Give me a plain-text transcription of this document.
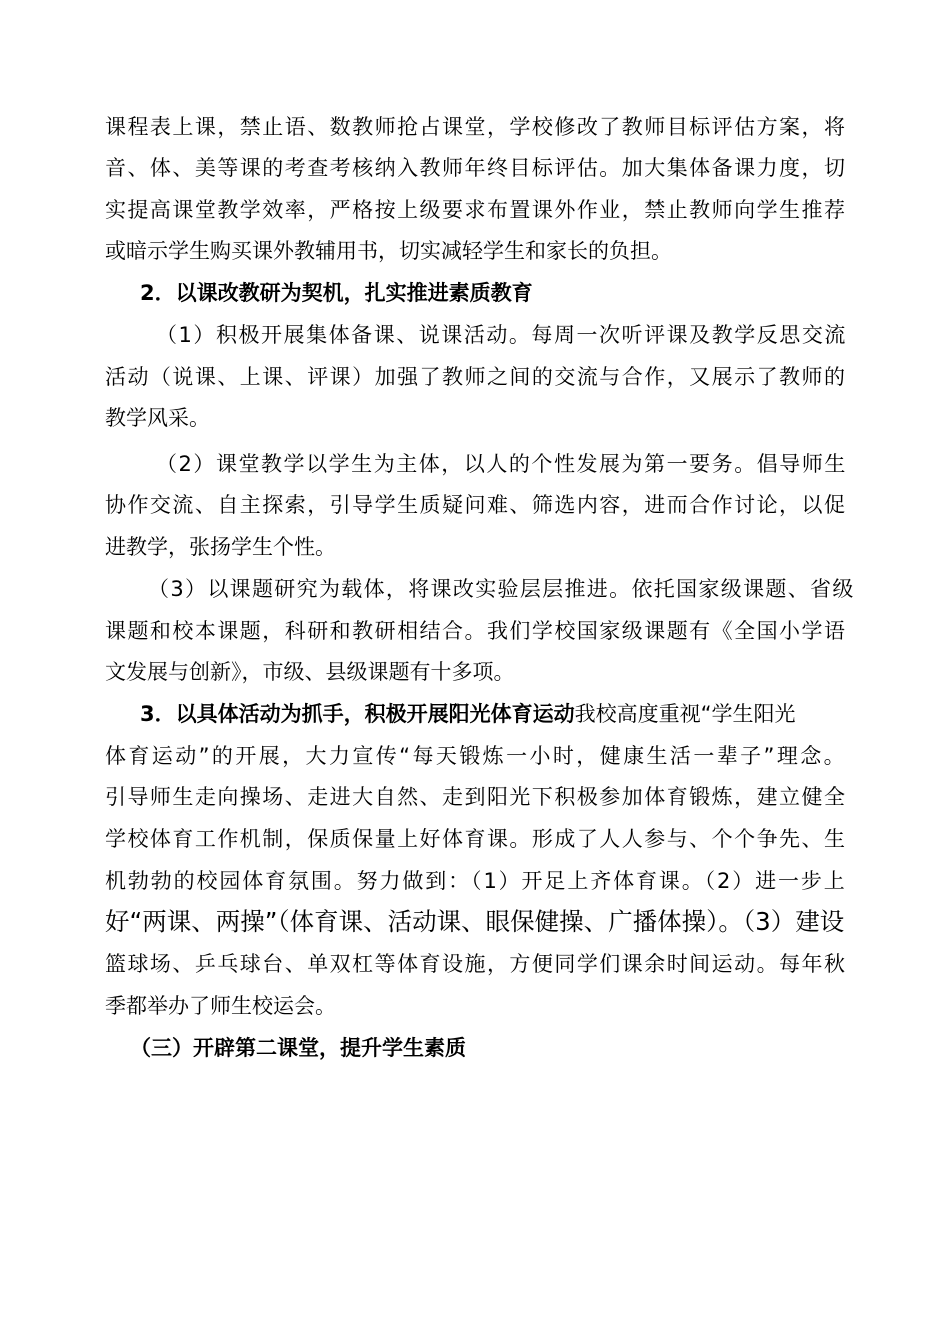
课程表上课，禁止语、数教师抢占课堂，学校修改了教师目标评估方案，将
音、体、美等课的考查考核纳入教师年终目标评估。加大集体备课力度，切
实提高课堂教学效率，严格按上级要求布置课外作业，禁止教师向学生推荐
或暗示学生购买课外教辅用书，切实减轻学生和家长的负担。
2．以课改教研为契机，扎实推进素质教育
（1）积极开展集体备课、说课活动。每周一次听评课及教学反思交流
活动（说课、上课、评课）加强了教师之间的交流与合作，又展示了教师的
教学风采。
（2）课堂教学以学生为主体，以人的个性发展为第一要务。倡导师生
协作交流、自主探索，引导学生质疑问难、筛选内容，进而合作讨论，以促
进教学，张扬学生个性。
（3）以课题研究为载体，将课改实验层层推进。依托国家级课题、省级
课题和校本课题，科研和教研相结合。我们学校国家级课题有《全国小学语
文发展与创新》，市级、县级课题有十多项。
3．以具体活动为抓手，积极开展阳光体育运动我校高度重视“学生阳光
体育运动”的开展，大力宣传“每天锻炼一小时，健康生活一辈子”理念。
引导师生走向操场、走进大自然、走到阳光下积极参加体育锻炼，建立健全
学校体育工作机制，保质保量上好体育课。形成了人人参与、个个争先、生
机勃勃的校园体育氛围。努力做到：（1）开足上齐体育课。（2）进一步上
好“两课、两操”（体育课、活动课、眼保健操、广播体操）。（3）建设
篮球场、乒乓球台、单双杠等体育设施，方便同学们课余时间运动。每年秋
季都举办了师生校运会。
（三）开辟第二课堂，提升学生素质
